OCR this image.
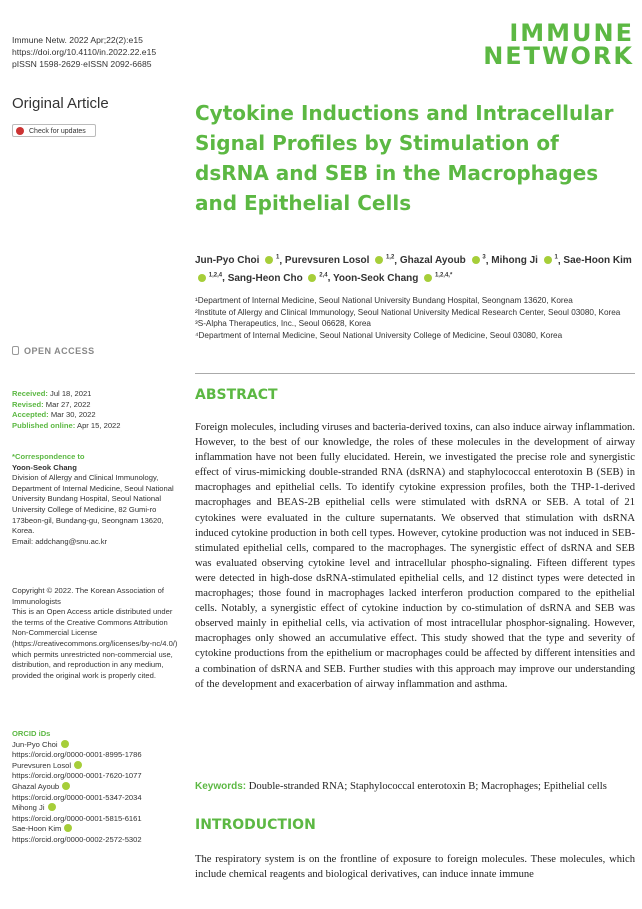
Immune Netw. 2022 Apr;22(2):e15
https://doi.org/10.4110/in.2022.22.e15
pISSN 1598-2629·eISSN 2092-6685
IMMUNE
NETWORK
Original Article
Check for updates
OPEN ACCESS
Received: Jul 18, 2021
Revised: Mar 27, 2022
Accepted: Mar 30, 2022
Published online: Apr 15, 2022
*Correspondence to
Yoon-Seok Chang
Division of Allergy and Clinical Immunology, Department of Internal Medicine, Seoul National University Bundang Hospital, Seoul National University College of Medicine, 82 Gumi-ro 173beon-gil, Bundang-gu, Seongnam 13620, Korea.
Email: addchang@snu.ac.kr
Copyright © 2022. The Korean Association of Immunologists
This is an Open Access article distributed under the terms of the Creative Commons Attribution Non-Commercial License (https://creativecommons.org/licenses/by-nc/4.0/) which permits unrestricted non-commercial use, distribution, and reproduction in any medium, provided the original work is properly cited.
ORCID iDs
Jun-Pyo Choi
https://orcid.org/0000-0001-8995-1786
Purevsuren Losol
https://orcid.org/0000-0001-7620-1077
Ghazal Ayoub
https://orcid.org/0000-0001-5347-2034
Mihong Ji
https://orcid.org/0000-0001-5815-6161
Sae-Hoon Kim
https://orcid.org/0000-0002-2572-5302
Cytokine Inductions and Intracellular Signal Profiles by Stimulation of dsRNA and SEB in the Macrophages and Epithelial Cells
Jun-Pyo Choi	$^1$, Purevsuren Losol	$^{1,2}$, Ghazal Ayoub	$^3$, Mihong Ji	$^1$, Sae-Hoon Kim  $^{1,2,4}$, Sang-Heon Cho	$^{2,4}$, Yoon-Seok Chang	$^{1,2,4,*}$
¹Department of Internal Medicine, Seoul National University Bundang Hospital, Seongnam 13620, Korea
²Institute of Allergy and Clinical Immunology, Seoul National University Medical Research Center, Seoul 03080, Korea
³S-Alpha Therapeutics, Inc., Seoul 06628, Korea
⁴Department of Internal Medicine, Seoul National University College of Medicine, Seoul 03080, Korea
ABSTRACT
Foreign molecules, including viruses and bacteria-derived toxins, can also induce airway inflammation. However, to the best of our knowledge, the roles of these molecules in the development of airway inflammation have not been fully elucidated. Herein, we investigated the precise role and synergistic effect of virus-mimicking double-stranded RNA (dsRNA) and staphylococcal enterotoxin B (SEB) in macrophages and epithelial cells. To identify cytokine expression profiles, both the THP-1-derived macrophages and BEAS-2B epithelial cells were stimulated with dsRNA or SEB. A total of 21 cytokines were evaluated in the culture supernatants. We observed that stimulation with dsRNA induced cytokine production in both cell types. However, cytokine production was not induced in SEB-stimulated epithelial cells, compared to the macrophages. The synergistic effect of dsRNA and SEB was evaluated observing cytokine level and intracellular phospho-signaling. Fifteen different types were detected in high-dose dsRNA-stimulated epithelial cells, and 12 distinct types were detected in macrophages; those found in macrophages lacked interferon production compared to the epithelial cells. Notably, a synergistic effect of cytokine induction by co-stimulation of dsRNA and SEB was observed mainly in epithelial cells, via activation of most intracellular phosphor-signaling. However, macrophages only showed an accumulative effect. This study showed that the type and severity of cytokine productions from the epithelium or macrophages could be affected by different intensities and a combination of dsRNA and SEB. Further studies with this approach may improve our understanding of the development and exacerbation of airway inflammation and asthma.
Keywords: Double-stranded RNA; Staphylococcal enterotoxin B; Macrophages; Epithelial cells
INTRODUCTION
The respiratory system is on the frontline of exposure to foreign molecules. These molecules, which include chemical reagents and biological derivatives, can induce innate immune
